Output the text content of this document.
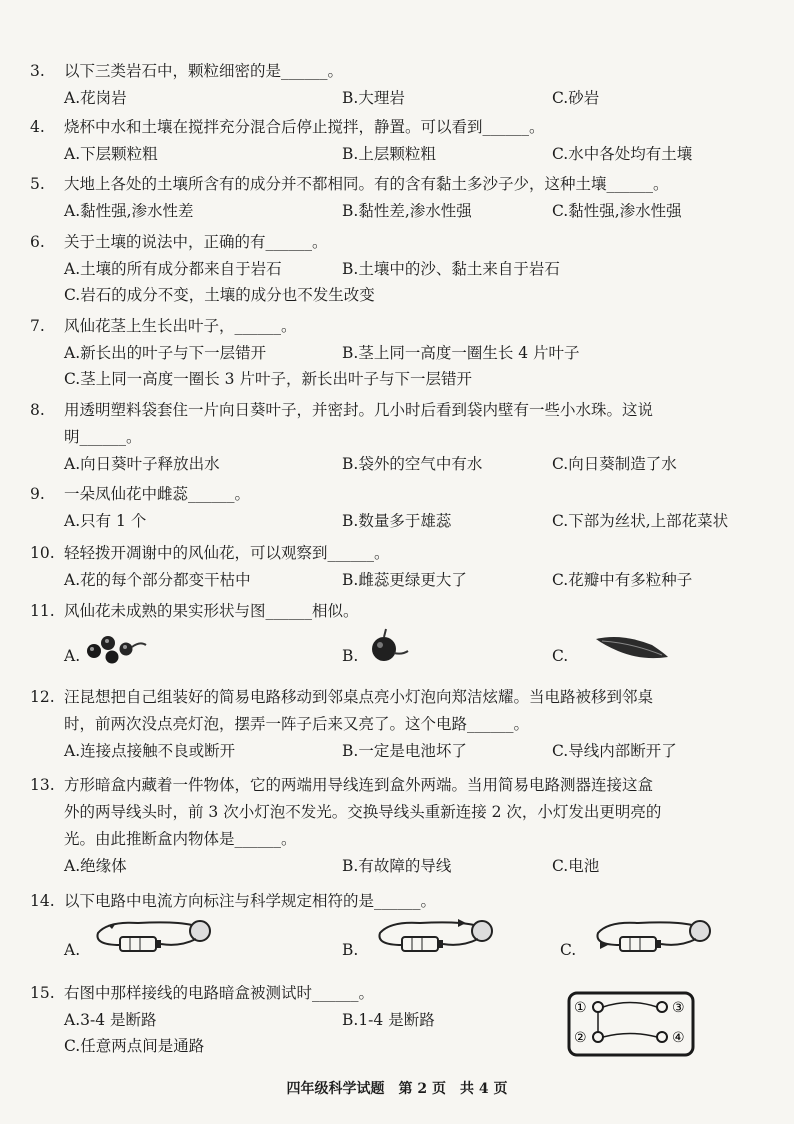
3. 以下三类岩石中，颗粒细密的是______。
A.花岗岩	B.大理岩	C.砂岩
4. 烧杯中水和土壤在搅拌充分混合后停止搅拌，静置。可以看到______。
A.下层颗粒粗	B.上层颗粒粗	C.水中各处均有土壤
5. 大地上各处的土壤所含有的成分并不都相同。有的含有黏土多沙子少，这种土壤______。
A.黏性强,渗水性差	B.黏性差,渗水性强	C.黏性强,渗水性强
6. 关于土壤的说法中，正确的有______。
A.土壤的所有成分都来自于岩石	B.土壤中的沙、黏土来自于岩石
C.岩石的成分不变，土壤的成分也不发生改变
7. 风仙花茎上生长出叶子，______。
A.新长出的叶子与下一层错开	B.茎上同一高度一圈生长 4 片叶子
C.茎上同一高度一圈长 3 片叶子，新长出叶子与下一层错开
8. 用透明塑料袋套住一片向日葵叶子，并密封。几小时后看到袋内壁有一些小水珠。这说
明______。
A.向日葵叶子释放出水	B.袋外的空气中有水	C.向日葵制造了水
9. 一朵凤仙花中雌蕊______。
A.只有 1 个	B.数量多于雄蕊	C.下部为丝状,上部花菜状
10. 轻轻拨开凋谢中的风仙花，可以观察到______。
A.花的每个部分都变干枯中	B.雌蕊更绿更大了	C.花瓣中有多粒种子
11. 风仙花未成熟的果实形状与图______相似。
A.	B.	C.
12. 汪昆想把自己组装好的简易电路移动到邻桌点亮小灯泡向郑洁炫耀。当电路被移到邻桌
时，前两次没点亮灯泡，摆弄一阵子后来又亮了。这个电路______。
A.连接点接触不良或断开	B.一定是电池坏了	C.导线内部断开了
13. 方形暗盒内藏着一件物体，它的两端用导线连到盒外两端。当用简易电路测器连接这盒
外的两导线头时，前 3 次小灯泡不发光。交换导线头重新连接 2 次，小灯发出更明亮的
光。由此推断盒内物体是______。
A.绝缘体	B.有故障的导线	C.电池
14. 以下电路中电流方向标注与科学规定相符的是______。
A.	B.	C.
15. 右图中那样接线的电路暗盒被测试时______。
A.3-4 是断路	B.1-4 是断路
C.任意两点间是通路
①	③
②	④
四年级科学试题　第 2 页　共 4 页
